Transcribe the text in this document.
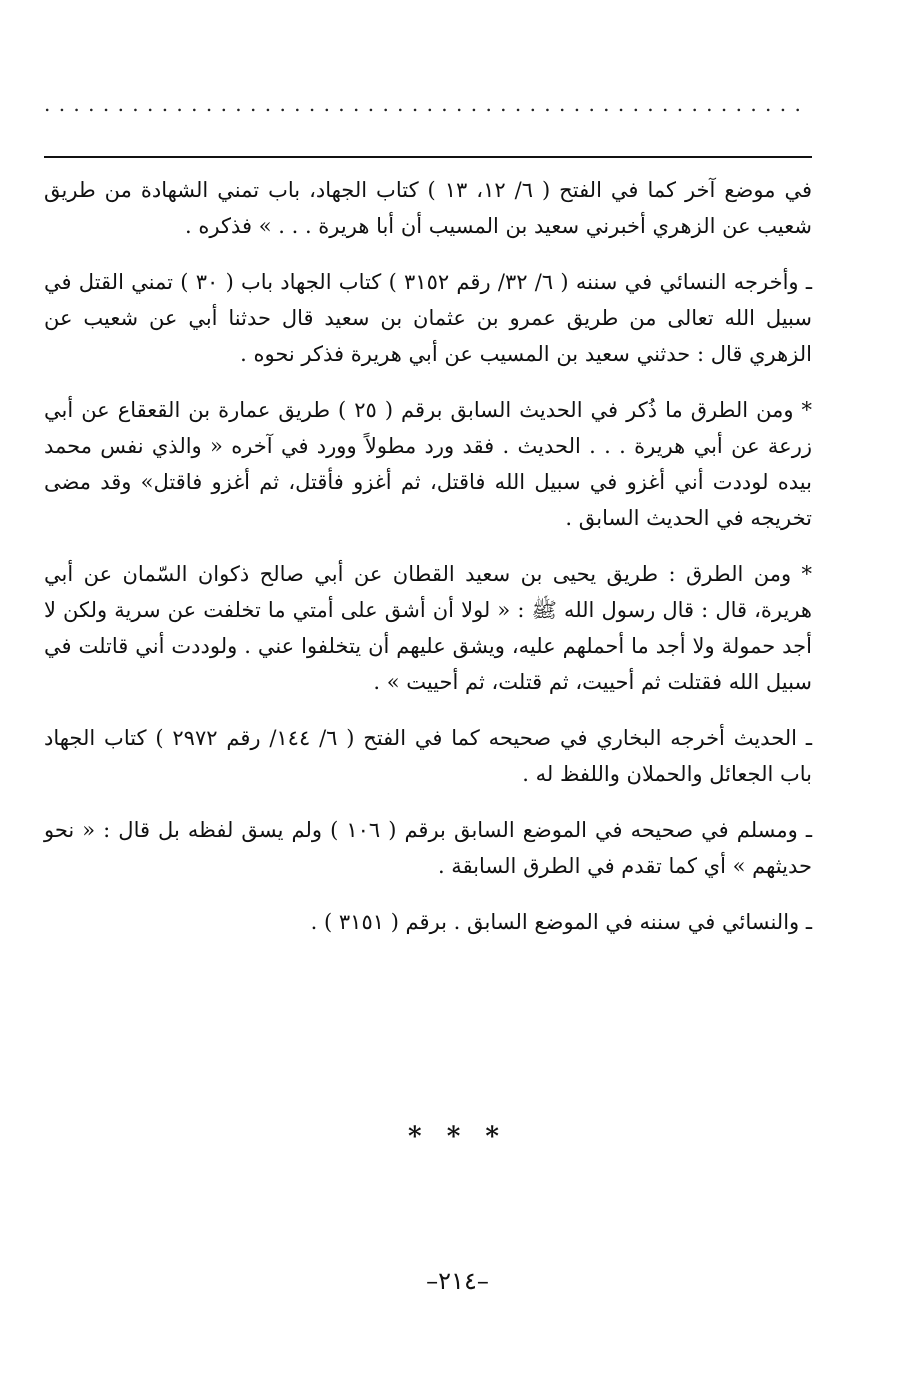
. . . . . . . . . . . . . . . . . . . . . . . . . . . . . . . . . . . . . . . . . . . . . . . . . . . .

في موضع آخر كما في الفتح ( ٦/ ١٢، ١٣ ) كتاب الجهاد، باب تمني الشهادة من طريق شعيب عن الزهري أخبرني سعيد بن المسيب أن أبا هريرة . . . » فذكره .

ـ وأخرجه النسائي في سننه ( ٦/ ٣٢/ رقم ٣١٥٢ ) كتاب الجهاد باب ( ٣٠ ) تمني القتل في سبيل الله تعالى من طريق عمرو بن عثمان بن سعيد قال حدثنا أبي عن شعيب عن الزهري قال : حدثني سعيد بن المسيب عن أبي هريرة فذكر نحوه .

* ومن الطرق ما ذُكر في الحديث السابق برقم ( ٢٥ ) طريق عمارة بن القعقاع عن أبي زرعة عن أبي هريرة . . . الحديث . فقد ورد مطولاً وورد في آخره « والذي نفس محمد بيده لوددت أني أغزو في سبيل الله فاقتل، ثم أغزو فأقتل، ثم أغزو فاقتل» وقد مضى تخريجه في الحديث السابق .

* ومن الطرق : طريق يحيى بن سعيد القطان عن أبي صالح ذكوان السّمان عن أبي هريرة، قال : قال رسول الله ﷺ : « لولا أن أشق على أمتي ما تخلفت عن سرية ولكن لا أجد حمولة ولا أجد ما أحملهم عليه، ويشق عليهم أن يتخلفوا عني . ولوددت أني قاتلت في سبيل الله فقتلت ثم أحييت، ثم قتلت، ثم أحييت » .

ـ الحديث أخرجه البخاري في صحيحه كما في الفتح ( ٦/ ١٤٤/ رقم ٢٩٧٢ ) كتاب الجهاد باب الجعائل والحملان واللفظ له .

ـ ومسلم في صحيحه في الموضع السابق برقم ( ١٠٦ ) ولم يسق لفظه بل قال : « نحو حديثهم » أي كما تقدم في الطرق السابقة .

ـ والنسائي في سننه في الموضع السابق . برقم ( ٣١٥١ ) .

* * *
–٢١٤–
